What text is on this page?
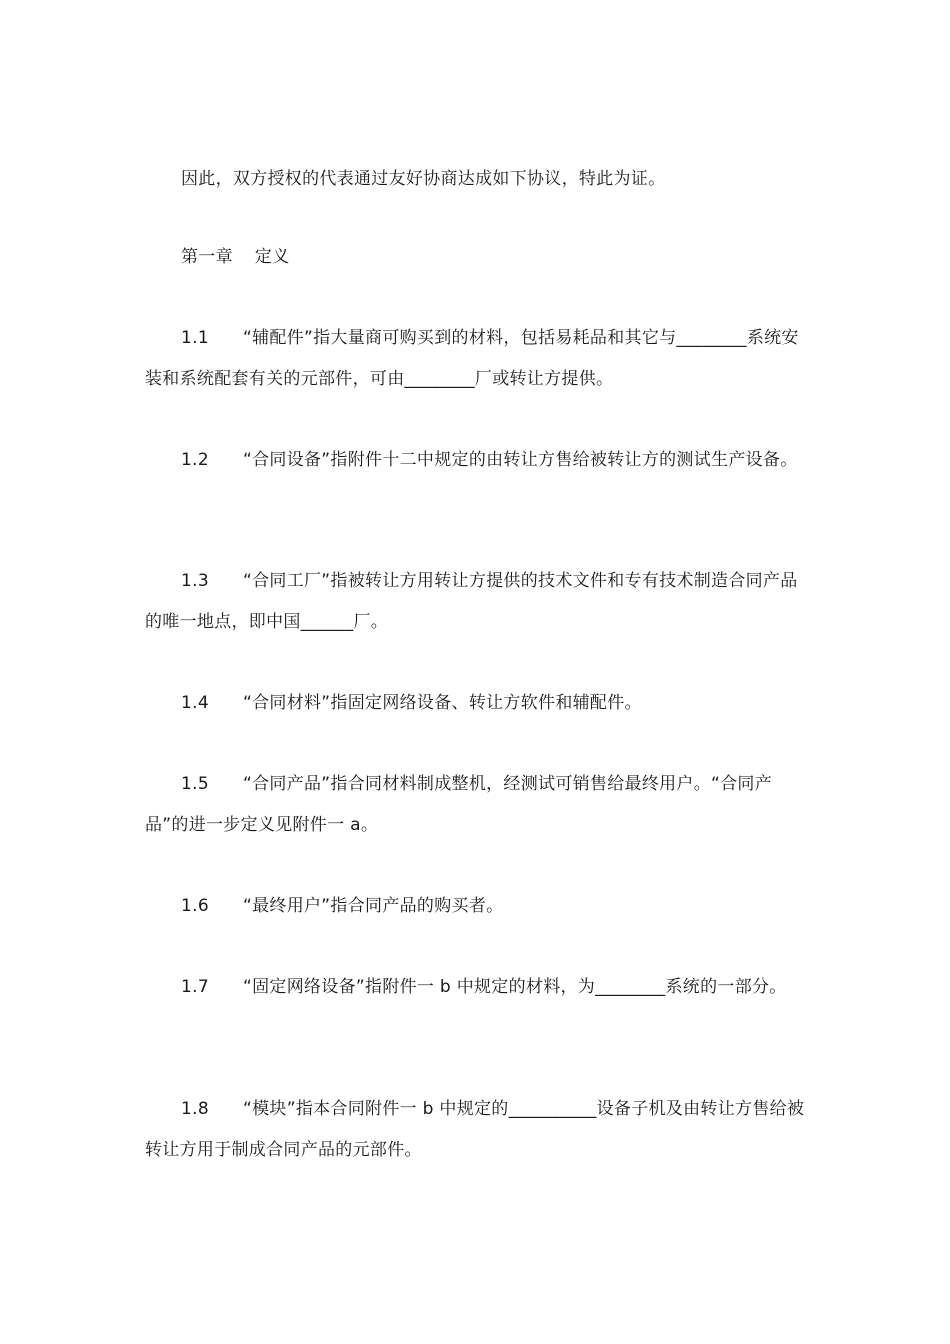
因此，双方授权的代表通过友好协商达成如下协议，特此为证。
第一章 定义
1.1 “辅配件”指大量商可购买到的材料，包括易耗品和其它与________系统安装和系统配套有关的元部件，可由________厂或转让方提供。
1.2 “合同设备”指附件十二中规定的由转让方售给被转让方的测试生产设备。
1.3 “合同工厂”指被转让方用转让方提供的技术文件和专有技术制造合同产品的唯一地点，即中国______厂。
1.4 “合同材料”指固定网络设备、转让方软件和辅配件。
1.5 “合同产品”指合同材料制成整机，经测试可销售给最终用户。“合同产品”的进一步定义见附件一 a。
1.6 “最终用户”指合同产品的购买者。
1.7 “固定网络设备”指附件一 b 中规定的材料，为________系统的一部分。
1.8 “模块”指本合同附件一 b 中规定的__________设备子机及由转让方售给被转让方用于制成合同产品的元部件。
